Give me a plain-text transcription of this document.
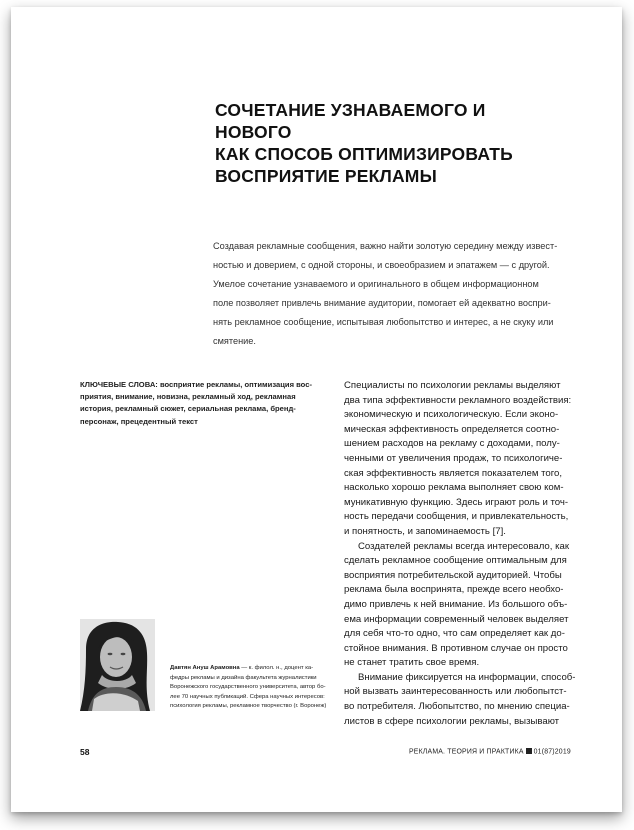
СОЧЕТАНИЕ УЗНАВАЕМОГО И НОВОГО
КАК СПОСОБ ОПТИМИЗИРОВАТЬ
ВОСПРИЯТИЕ РЕКЛАМЫ
Создавая рекламные сообщения, важно найти золотую середину между извест-
ностью и доверием, с одной стороны, и своеобразием и эпатажем — с другой.
Умелое сочетание узнаваемого и оригинального в общем информационном
поле позволяет привлечь внимание аудитории, помогает ей адекватно воспри-
нять рекламное сообщение, испытывая любопытство и интерес, а не скуку или
смятение.
КЛЮЧЕВЫЕ СЛОВА: восприятие рекламы, оптимизация вос-
приятия, внимание, новизна, рекламный ход, рекламная
история, рекламный сюжет, сериальная реклама, бренд-
персонаж, прецедентный текст
Специалисты по психологии рекламы выделяют
два типа эффективности рекламного воздействия:
экономическую и психологическую. Если эконо-
мическая эффективность определяется соотно-
шением расходов на рекламу с доходами, полу-
ченными от увеличения продаж, то психологиче-
ская эффективность является показателем того,
насколько хорошо реклама выполняет свою ком-
муникативную функцию. Здесь играют роль и точ-
ность передачи сообщения, и привлекательность,
и понятность, и запоминаемость [7].
Создателей рекламы всегда интересовало, как
сделать рекламное сообщение оптимальным для
восприятия потребительской аудиторией. Чтобы
реклама была воспринята, прежде всего необхо-
димо привлечь к ней внимание. Из большого объ-
ема информации современный человек выделяет
для себя что-то одно, что сам определяет как до-
стойное внимания. В противном случае он просто
не станет тратить свое время.
Внимание фиксируется на информации, способ-
ной вызвать заинтересованность или любопытст-
во потребителя. Любопытство, по мнению специа-
листов в сфере психологии рекламы, вызывают
Давтян Ануш Арамовна — к. филол. н., доцент ка-
федры рекламы и дизайна факультета журналистики
Воронежского государственного университета, автор бо-
лее 70 научных публикаций. Сфера научных интересов:
психология рекламы, рекламное творчество (г. Воронеж)
58	РЕКЛАМА. ТЕОРИЯ И ПРАКТИКА 01(87)2019
